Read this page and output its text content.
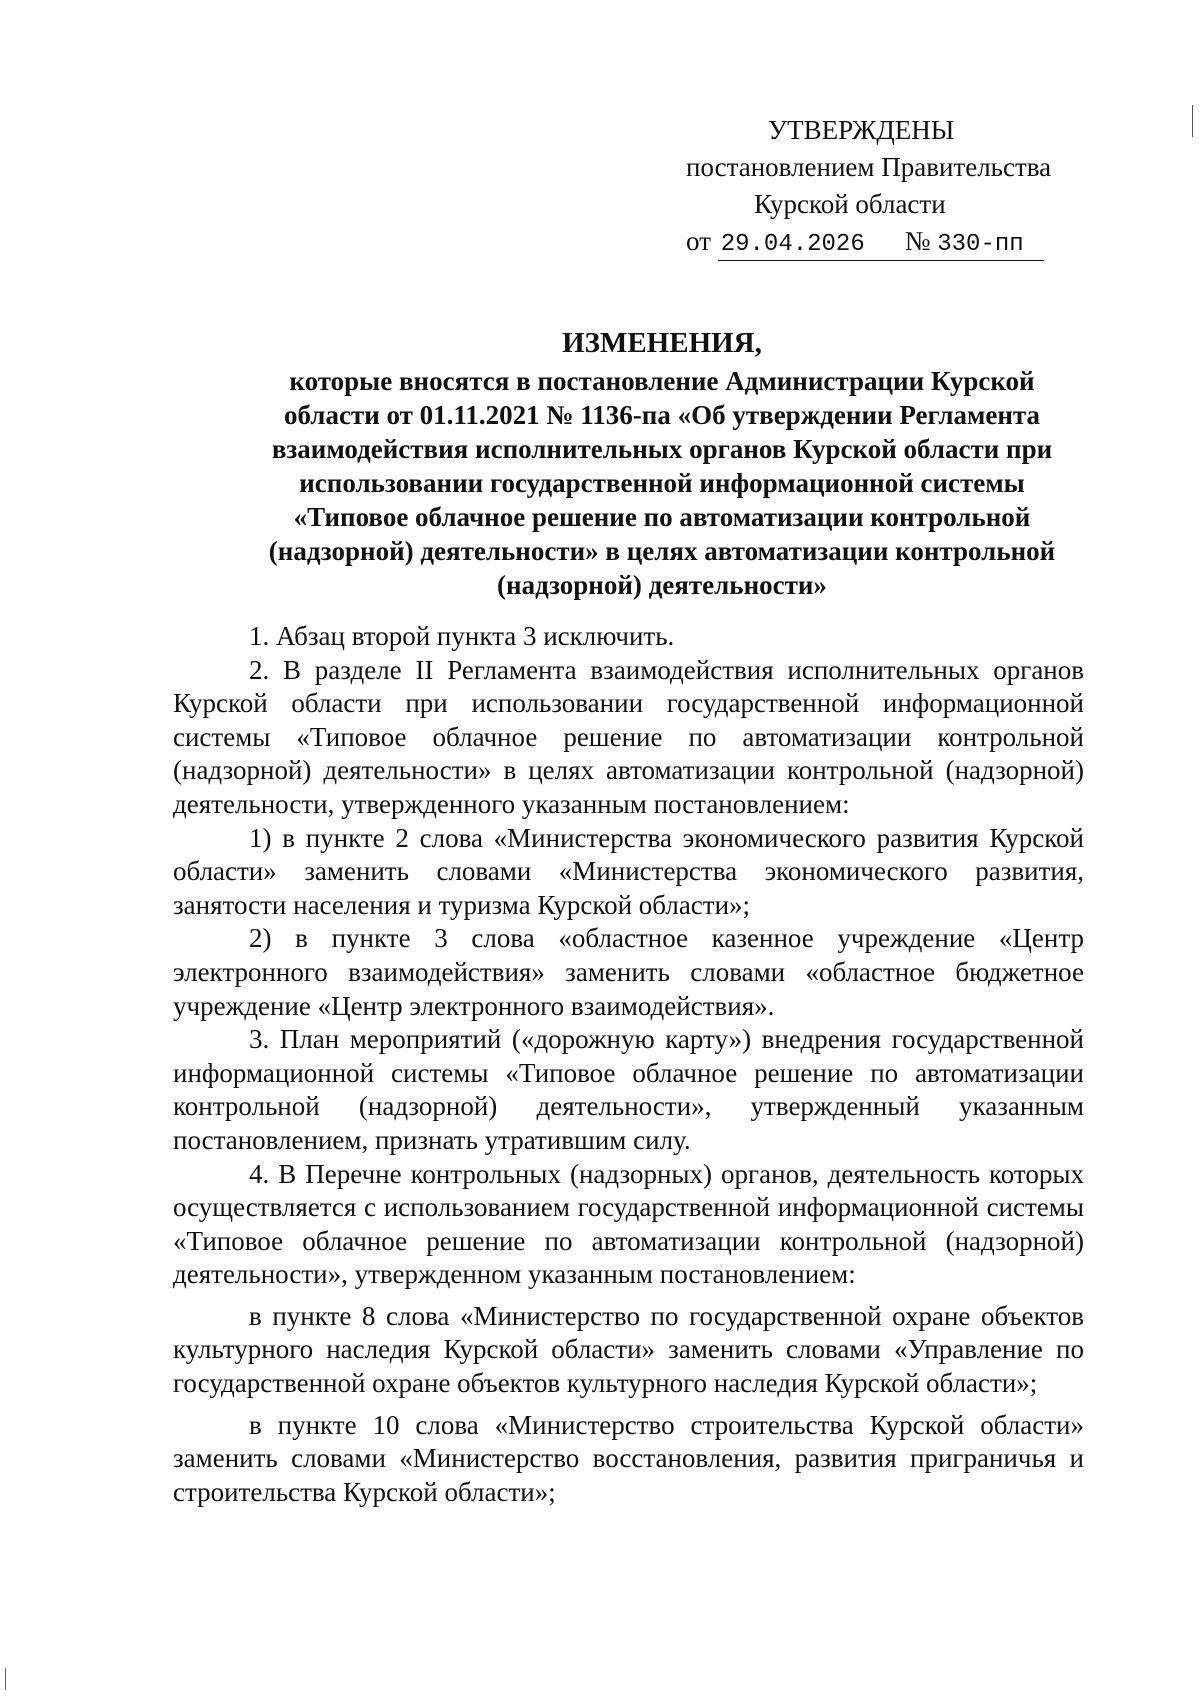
УТВЕРЖДЕНЫ
постановлением Правительства
Курской области
от 29.04.2026 № 330-пп
ИЗМЕНЕНИЯ,
которые вносятся в постановление Администрации Курской
области от 01.11.2021 № 1136-па «Об утверждении Регламента
взаимодействия исполнительных органов Курской области при
использовании государственной информационной системы
«Типовое облачное решение по автоматизации контрольной
(надзорной) деятельности» в целях автоматизации контрольной
(надзорной) деятельности»

1. Абзац второй пункта 3 исключить.

2. В разделе II Регламента взаимодействия исполнительных органов Курской области при использовании государственной информационной системы «Типовое облачное решение по автоматизации контрольной (надзорной) деятельности» в целях автоматизации контрольной (надзорной) деятельности, утвержденного указанным постановлением:

1) в пункте 2 слова «Министерства экономического развития Курской области» заменить словами «Министерства экономического развития, занятости населения и туризма Курской области»;

2) в пункте 3 слова «областное казенное учреждение «Центр электронного взаимодействия» заменить словами «областное бюджетное учреждение «Центр электронного взаимодействия».

3. План мероприятий («дорожную карту») внедрения государственной информационной системы «Типовое облачное решение по автоматизации контрольной (надзорной) деятельности», утвержденный указанным постановлением, признать утратившим силу.

4. В Перечне контрольных (надзорных) органов, деятельность которых осуществляется с использованием государственной информационной системы «Типовое облачное решение по автоматизации контрольной (надзорной) деятельности», утвержденном указанным постановлением:

в пункте 8 слова «Министерство по государственной охране объектов культурного наследия Курской области» заменить словами «Управление по государственной охране объектов культурного наследия Курской области»;

в пункте 10 слова «Министерство строительства Курской области» заменить словами «Министерство восстановления, развития приграничья и строительства Курской области»;
